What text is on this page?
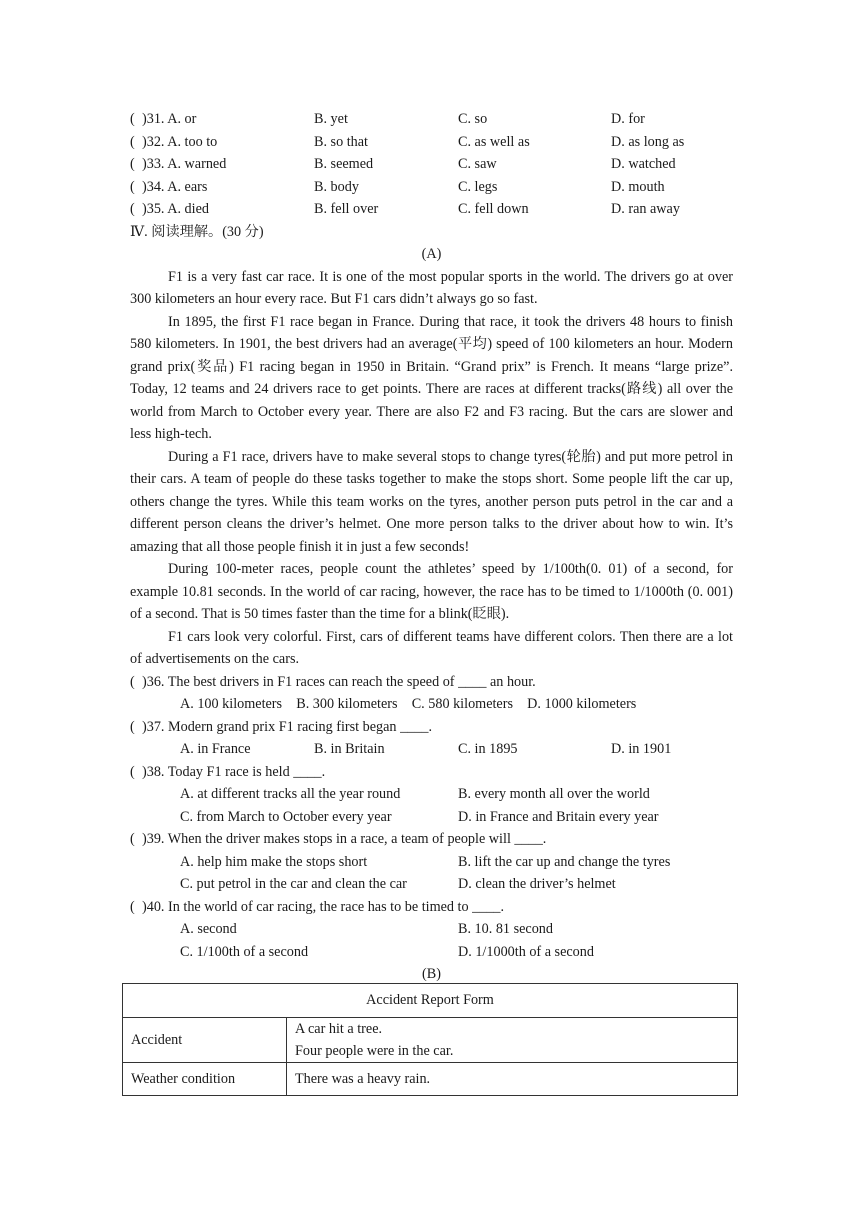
( )31. A. or	B. yet	C. so	D. for
( )32. A. too to	B. so that	C. as well as	D. as long as
( )33. A. warned	B. seemed	C. saw	D. watched
( )34. A. ears	B. body	C. legs	D. mouth
( )35. A. died	B. fell over	C. fell down	D. ran away
Ⅳ. 阅读理解。(30 分)
(A)

F1 is a very fast car race. It is one of the most popular sports in the world. The drivers go at over 300 kilometers an hour every race. But F1 cars didn’t always go so fast.

In 1895, the first F1 race began in France. During that race, it took the drivers 48 hours to finish 580 kilometers. In 1901, the best drivers had an average(平均) speed of 100 kilometers an hour. Modern grand prix(奖品) F1 racing began in 1950 in Britain. “Grand prix” is French. It means “large prize”. Today, 12 teams and 24 drivers race to get points. There are races at different tracks(路线) all over the world from March to October every year. There are also F2 and F3 racing. But the cars are slower and less high-tech.

During a F1 race, drivers have to make several stops to change tyres(轮胎) and put more petrol in their cars. A team of people do these tasks together to make the stops short. Some people lift the car up, others change the tyres. While this team works on the tyres, another person puts petrol in the car and a different person cleans the driver’s helmet. One more person talks to the driver about how to win. It’s amazing that all those people finish it in just a few seconds!

During 100-meter races, people count the athletes’ speed by 1/100th(0. 01) of a second, for example 10.81 seconds. In the world of car racing, however, the race has to be timed to 1/1000th (0. 001) of a second. That is 50 times faster than the time for a blink(眨眼).

F1 cars look very colorful. First, cars of different teams have different colors. Then there are a lot of advertisements on the cars.

( )36. The best drivers in F1 races can reach the speed of ____ an hour.
A. 100 kilometers    B. 300 kilometers    C. 580 kilometers    D. 1000 kilometers
( )37. Modern grand prix F1 racing first began ____.
A. in France	B. in Britain	C. in 1895	D. in 1901
( )38. Today F1 race is held ____.
A. at different tracks all the year round	B. every month all over the world
C. from March to October every year	D. in France and Britain every year
( )39. When the driver makes stops in a race, a team of people will ____.
A. help him make the stops short	B. lift the car up and change the tyres
C. put petrol in the car and clean the car	D. clean the driver’s helmet
( )40. In the world of car racing, the race has to be timed to ____.
A. second	B. 10. 81 second
C. 1/100th of a second	D. 1/1000th of a second
(B)
Accident Report Form	
Accident	A car hit a tree.
Four people were in the car.

Weather condition	There was a heavy rain.
